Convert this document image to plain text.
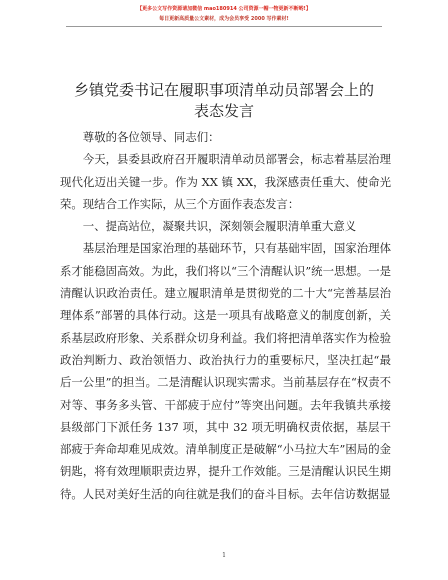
【更多公文写作资源请加微信 mao180914 公司资源一帽一物更新不断哟!】
每日更新高质量公文素材，成为会员享受 2000 写作素材!
乡镇党委书记在履职事项清单动员部署会上的
表态发言

尊敬的各位领导、同志们：

今天，县委县政府召开履职清单动员部署会，标志着基层治理现代化迈出关键一步。作为 XX 镇 XX，我深感责任重大、使命光荣。现结合工作实际，从三个方面作表态发言：

一、提高站位，凝聚共识，深刻领会履职清单重大意义

基层治理是国家治理的基础环节，只有基础牢固，国家治理体系才能稳固高效。为此，我们将以“三个清醒认识”统一思想。一是清醒认识政治责任。建立履职清单是贯彻党的二十大“完善基层治理体系”部署的具体行动。这是一项具有战略意义的制度创新，关系基层政府形象、关系群众切身利益。我们将把清单落实作为检验政治判断力、政治领悟力、政治执行力的重要标尺，坚决扛起“最后一公里”的担当。二是清醒认识现实需求。当前基层存在“权责不对等、事务多头管、干部疲于应付”等突出问题。去年我镇共承接县级部门下派任务 137 项，其中 32 项无明确权责依据，基层干部疲于奔命却难见成效。清单制度正是破解“小马拉大车”困局的金钥匙，将有效理顺职责边界，提升工作效能。三是清醒认识民生期待。人民对美好生活的向往就是我们的奋斗目标。去年信访数据显

1
